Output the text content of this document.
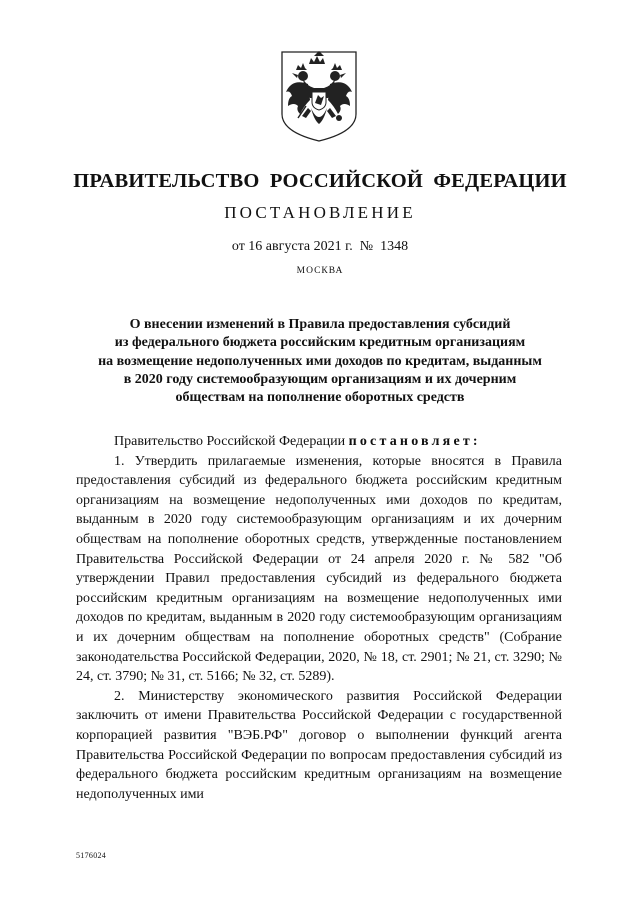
ПРАВИТЕЛЬСТВО РОССИЙСКОЙ ФЕДЕРАЦИИ
ПОСТАНОВЛЕНИЕ
от 16 августа 2021 г.  №  1348
МОСКВА
О внесении изменений в Правила предоставления субсидий
из федерального бюджета российским кредитным организациям
на возмещение недополученных ими доходов по кредитам, выданным
в 2020 году системообразующим организациям и их дочерним
обществам на пополнение оборотных средств

Правительство Российской Федерации постановляет:

1. Утвердить прилагаемые изменения, которые вносятся в Правила предоставления субсидий из федерального бюджета российским кредитным организациям на возмещение недополученных ими доходов по кредитам, выданным в 2020 году системообразующим организациям и их дочерним обществам на пополнение оборотных средств, утвержденные постановлением Правительства Российской Федерации от 24 апреля 2020 г. № 582 "Об утверждении Правил предоставления субсидий из федерального бюджета российским кредитным организациям на возмещение недополученных ими доходов по кредитам, выданным в 2020 году системообразующим организациям и их дочерним обществам на пополнение оборотных средств" (Собрание законодательства Российской Федерации, 2020, № 18, ст. 2901; № 21, ст. 3290; № 24, ст. 3790; № 31, ст. 5166; № 32, ст. 5289).

2. Министерству экономического развития Российской Федерации заключить от имени Правительства Российской Федерации с государственной корпорацией развития "ВЭБ.РФ" договор о выполнении функций агента Правительства Российской Федерации по вопросам предоставления субсидий из федерального бюджета российским кредитным организациям на возмещение недополученных ими

5176024
